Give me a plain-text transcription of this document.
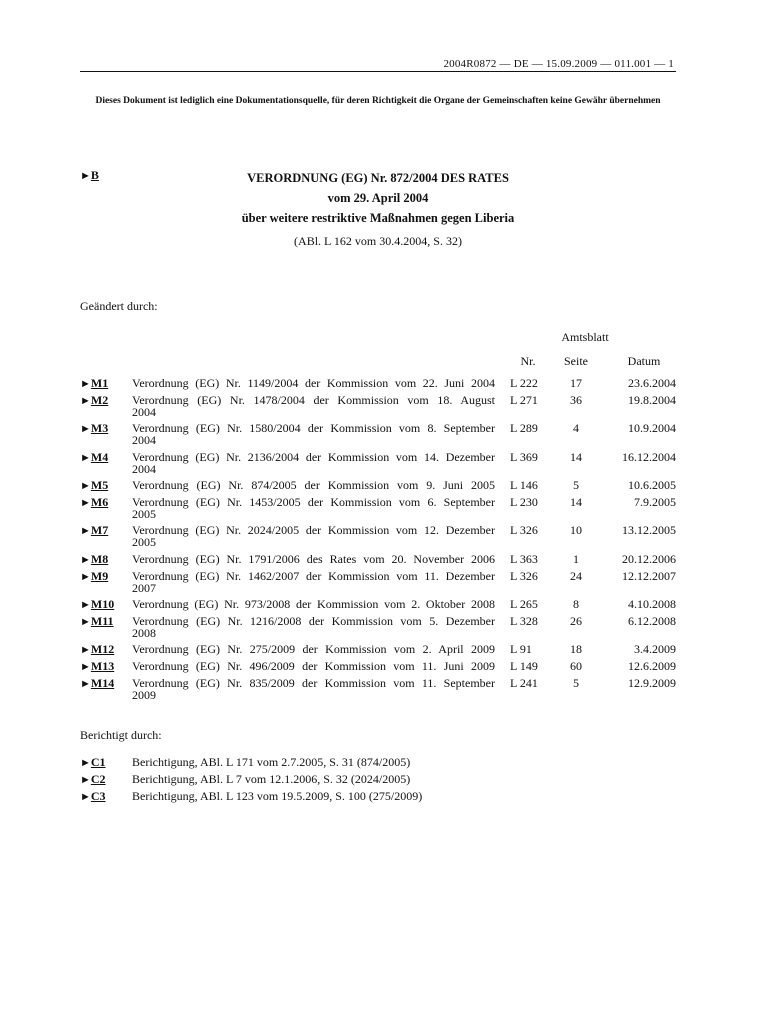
2004R0872 — DE — 15.09.2009 — 011.001 — 1
Dieses Dokument ist lediglich eine Dokumentationsquelle, für deren Richtigkeit die Organe der Gemeinschaften keine Gewähr übernehmen
►B	VERORDNUNG (EG) Nr. 872/2004 DES RATES
vom 29. April 2004
über weitere restriktive Maßnahmen gegen Liberia
(ABl. L 162 vom 30.4.2004, S. 32)
Geändert durch:
Amtsblatt
Nr.	Seite	Datum
►M1 Verordnung (EG) Nr. 1149/2004 der Kommission vom 22. Juni 2004 L 222	17	23.6.2004
►M2 Verordnung (EG) Nr. 1478/2004 der Kommission vom 18. August
2004
L 271	36	19.8.2004
►M3 Verordnung (EG) Nr. 1580/2004 der Kommission vom 8. September
2004
L 289	4	10.9.2004
►M4 Verordnung (EG) Nr. 2136/2004 der Kommission vom 14. Dezember
2004
L 369	14	16.12.2004
►M5 Verordnung (EG) Nr. 874/2005 der Kommission vom 9. Juni 2005 L 146	5	10.6.2005
►M6 Verordnung (EG) Nr. 1453/2005 der Kommission vom 6. September
2005
L 230	14	7.9.2005
►M7 Verordnung (EG) Nr. 2024/2005 der Kommission vom 12. Dezember
2005
L 326	10	13.12.2005
►M8 Verordnung (EG) Nr. 1791/2006 des Rates vom 20. November 2006 L 363	1	20.12.2006
►M9 Verordnung (EG) Nr. 1462/2007 der Kommission vom 11. Dezember
2007
L 326	24	12.12.2007
►M10 Verordnung (EG) Nr. 973/2008 der Kommission vom 2. Oktober 2008 L 265	8	4.10.2008
►M11 Verordnung (EG) Nr. 1216/2008 der Kommission vom 5. Dezember
2008
L 328	26	6.12.2008
►M12 Verordnung (EG) Nr. 275/2009 der Kommission vom 2. April 2009 L 91	18	3.4.2009
►M13 Verordnung (EG) Nr. 496/2009 der Kommission vom 11. Juni 2009 L 149	60	12.6.2009
►M14 Verordnung (EG) Nr. 835/2009 der Kommission vom 11. September
2009
L 241	5	12.9.2009
Berichtigt durch:
►C1 Berichtigung, ABl. L 171 vom 2.7.2005, S. 31 (874/2005)
►C2 Berichtigung, ABl. L 7 vom 12.1.2006, S. 32 (2024/2005)
►C3 Berichtigung, ABl. L 123 vom 19.5.2009, S. 100 (275/2009)
